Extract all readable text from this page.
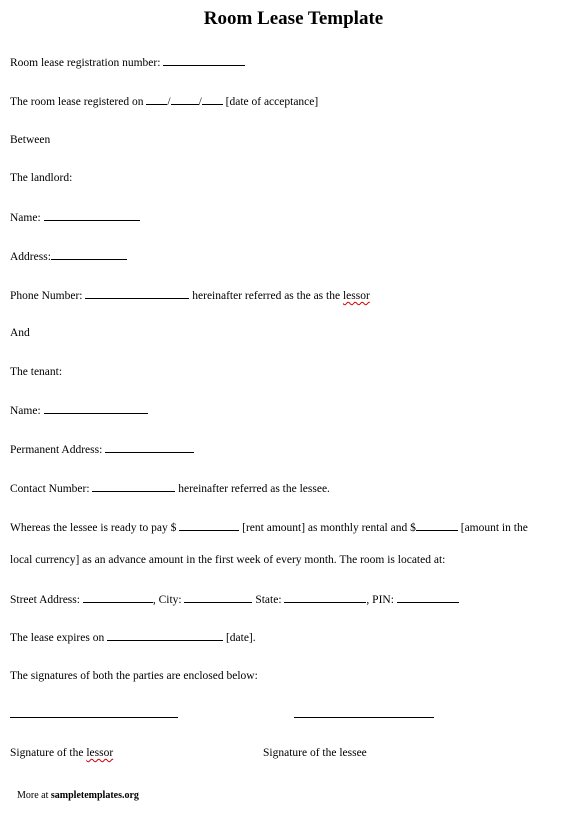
Room Lease Template
Room lease registration number:
The room lease registered on / / [date of acceptance]
Between
The landlord:
Name:
Address:
Phone Number:	hereinafter referred as the as the lessor
And
The tenant:
Name:
Permanent Address:
Contact Number:	hereinafter referred as the lessee.
Whereas the lessee is ready to pay $	[rent amount] as monthly rental and $	[amount in the
local currency] as an advance amount in the first week of every month. The room is located at:
Street Address:	, City:	State:	, PIN:
The lease expires on	[date].
The signatures of both the parties are enclosed below:
Signature of the lessor	Signature of the lessee
More at sampletemplates.org
